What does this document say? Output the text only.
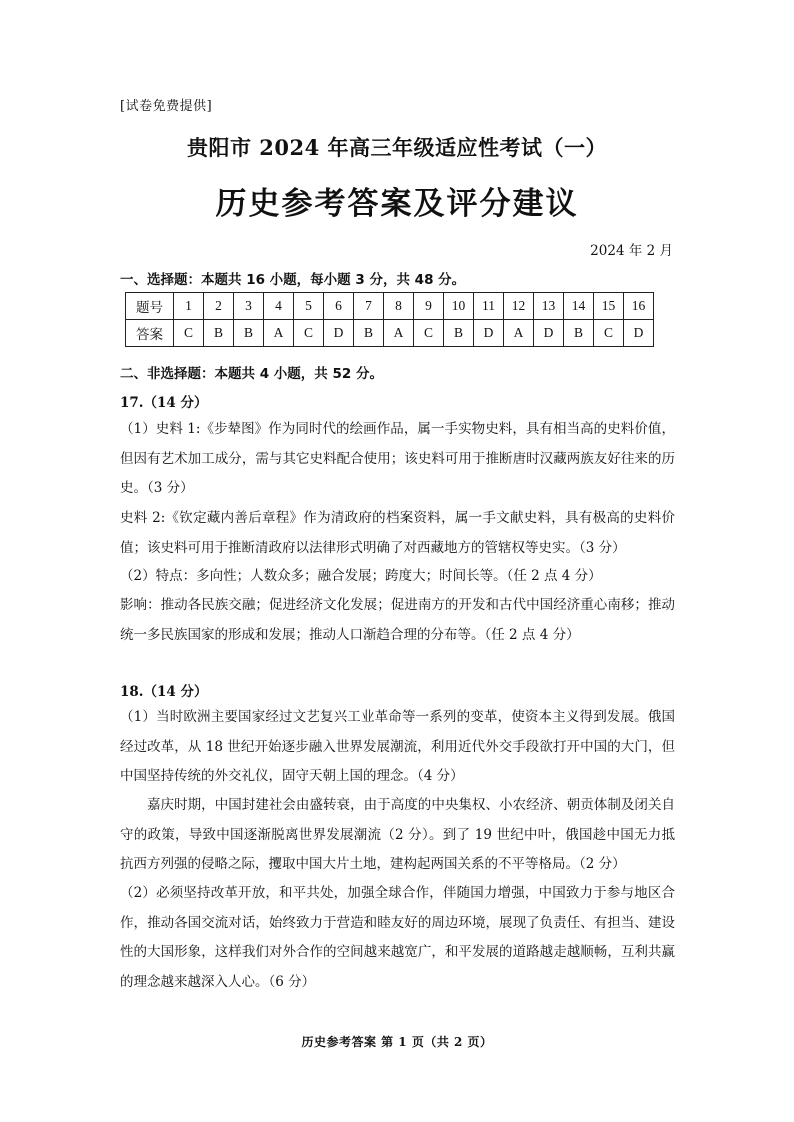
[试卷免费提供]
贵阳市 2024 年高三年级适应性考试（一）
历史参考答案及评分建议
2024 年 2 月
一、选择题：本题共 16 小题，每小题 3 分，共 48 分。
题号	1	2	3	4	5	6	7	8	9	10	11	12	13	14	15	16
答案	C	B	B	A	C	D	B	A	C	B	D	A	D	B	C	D
二、非选择题：本题共 4 小题，共 52 分。
17.（14 分）
（1）史料 1:《步辇图》作为同时代的绘画作品，属一手实物史料，具有相当高的史料价值，但因有艺术加工成分，需与其它史料配合使用；该史料可用于推断唐时汉藏两族友好往来的历史。（3 分）
史料 2:《钦定藏内善后章程》作为清政府的档案资料，属一手文献史料，具有极高的史料价值；该史料可用于推断清政府以法律形式明确了对西藏地方的管辖权等史实。（3 分）
（2）特点：多向性；人数众多；融合发展；跨度大；时间长等。（任 2 点 4 分）
影响：推动各民族交融；促进经济文化发展；促进南方的开发和古代中国经济重心南移；推动统一多民族国家的形成和发展；推动人口渐趋合理的分布等。（任 2 点 4 分）
18.（14 分）
（1）当时欧洲主要国家经过文艺复兴工业革命等一系列的变革，使资本主义得到发展。俄国经过改革，从 18 世纪开始逐步融入世界发展潮流，利用近代外交手段欲打开中国的大门，但中国坚持传统的外交礼仪，固守天朝上国的理念。（4 分）
嘉庆时期，中国封建社会由盛转衰，由于高度的中央集权、小农经济、朝贡体制及闭关自守的政策，导致中国逐渐脱离世界发展潮流（2 分）。到了 19 世纪中叶，俄国趁中国无力抵抗西方列强的侵略之际，攫取中国大片土地，建构起两国关系的不平等格局。（2 分）
（2）必须坚持改革开放，和平共处，加强全球合作，伴随国力增强，中国致力于参与地区合作，推动各国交流对话，始终致力于营造和睦友好的周边环境，展现了负责任、有担当、建设性的大国形象，这样我们对外合作的空间越来越宽广，和平发展的道路越走越顺畅，互利共赢的理念越来越深入人心。（6 分）
历史参考答案 第 1 页（共 2 页）
